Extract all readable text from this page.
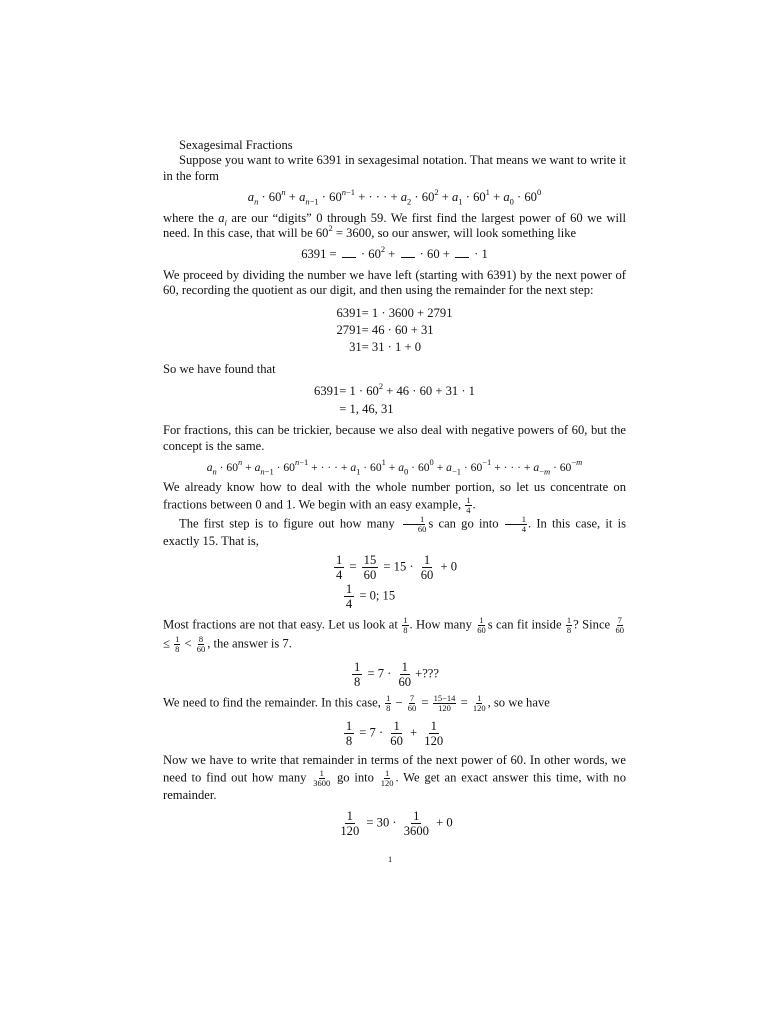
Sexagesimal Fractions

Suppose you want to write 6391 in sexagesimal notation. That means we want to write it in the form

$a_n \cdot 60^n + a_{n-1} \cdot 60^{n-1}$ + · · · + $a_2 \cdot 60^2 + a_1 \cdot 60^1 + a_0 \cdot 60^0$

where the $a_i$ are our “digits” 0 through 59. We first find the largest power of 60 we will need. In this case, that will be $60^2 = 3600$, so our answer, will look something like

6391 =  · $60^2$ +  · 60 +  · 1

We proceed by dividing the number we have left (starting with 6391) by the next power of 60, recording the quotient as our digit, and then using the remainder for the next step:

6391	= 1 · 3600 + 2791
2791	= 46 · 60 + 31
31	= 31 · 1 + 0

So we have found that

6391	= $1 \cdot 60^2 + 46 \cdot 60 + 31 \cdot 1$
	= 1, 46, 31

For fractions, this can be trickier, because we also deal with negative powers of 60, but the concept is the same.

$a_n \cdot 60^n + a_{n-1} \cdot 60^{n-1}$ + · · · + $a_1 \cdot 60^1 + a_0 \cdot 60^0 + a_{-1} \cdot 60^{-1}$ + · · · + $a_{-m} \cdot 60^{-m}$

We already know how to deal with the whole number portion, so let us concentrate on fractions between 0 and 1. We begin with an easy example, $\frac{1}{4}$ .

The first step is to figure out how many $\frac{1}{60}$ s can go into $\frac{1}{4}$ . In this case, it is exactly 15. That is,

$\frac{1}{4} = \frac{15}{60} = 15 \cdot \frac{1}{60} + 0$
$\frac{1}{4} = 0$; 15

Most fractions are not that easy. Let us look at $\frac{1}{8}$ . How many $\frac{1}{60}$ s can fit inside $\frac{1}{8}$ ? Since $\frac{7}{60}$
≤ $\frac{1}{8} < \frac{8}{60}$ , the answer is 7.

$\frac{1}{8} = 7 \cdot \frac{1}{60}$ +???

We need to find the remainder. In this case, $\frac{1}{8} - \frac{7}{60} = \frac{15-14}{120} = \frac{1}{120}$ , so we have

$\frac{1}{8} = 7 \cdot \frac{1}{60} + \frac{1}{120}$

Now we have to write that remainder in terms of the next power of 60. In other words, we need to find out how many $\frac{1}{3600}$ go into $\frac{1}{120}$ . We get an exact answer this time, with no remainder.

$\frac{1}{120} = 30 \cdot \frac{1}{3600} + 0$
1
